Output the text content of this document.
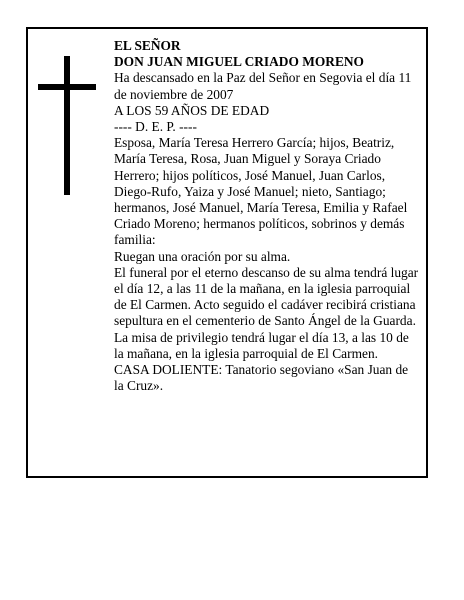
EL SEÑOR

DON JUAN MIGUEL CRIADO MORENO

Ha descansado en la Paz del Señor en Segovia el día 11 de noviembre de 2007

A LOS 59 AÑOS DE EDAD

---- D. E. P. ----

Esposa, María Teresa Herrero García; hijos, Beatriz, María Teresa, Rosa, Juan Miguel y Soraya Criado Herrero; hijos políticos, José Manuel, Juan Carlos, Diego-Rufo, Yaiza y José Manuel; nieto, Santiago; hermanos, José Manuel, María Teresa, Emilia y Rafael Criado Moreno; hermanos políticos, sobrinos y demás familia:

Ruegan una oración por su alma.

El funeral por el eterno descanso de su alma tendrá lugar el día 12, a las 11 de la mañana, en la iglesia parroquial de El Carmen. Acto seguido el cadáver recibirá cristiana sepultura en el cementerio de Santo Ángel de la Guarda. La misa de privilegio tendrá lugar el día 13, a las 10 de la mañana, en la iglesia parroquial de El Carmen.

CASA DOLIENTE: Tanatorio segoviano «San Juan de la Cruz».
